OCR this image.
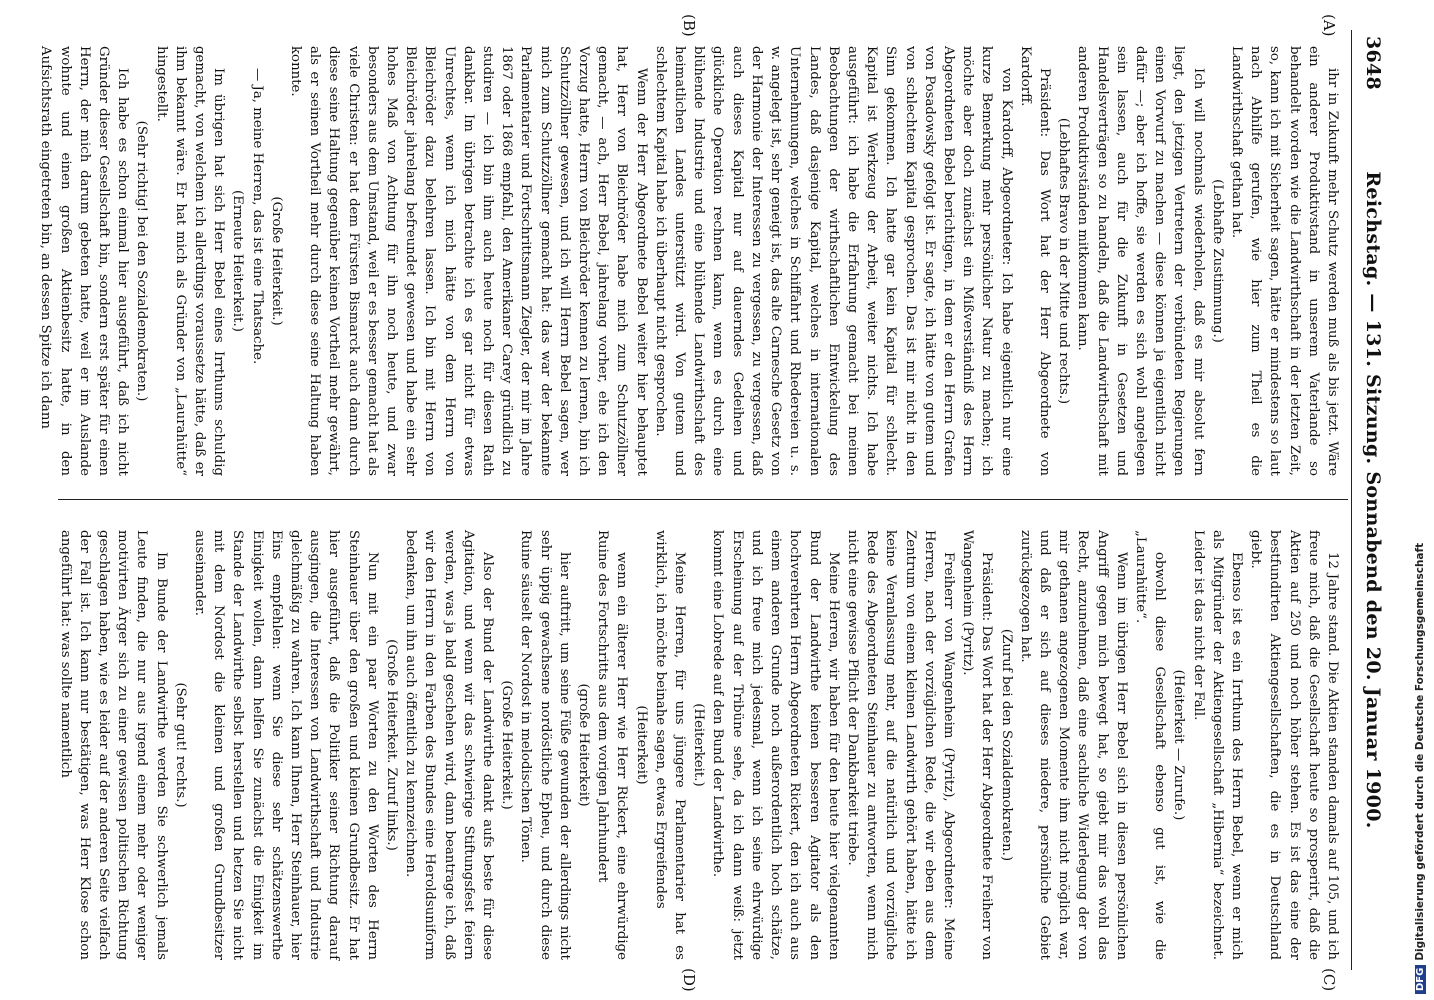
3648
Reichstag. — 131. Sitzung. Sonnabend den 20. Januar 1900.
(A)
(B)
(C)
(D)

ihr in Zukunft mehr Schutz werden muß als bis jetzt. Wäre ein anderer Produktivstand in unserem Vaterlande so behandelt worden wie die Landwirthschaft in der letzten Zeit, so, kann ich mit Sicherheit sagen, hätte er mindestens so laut nach Abhilfe gerufen, wie hier zum Theil es die Landwirthschaft gethan hat.

(Lebhafte Zustimmung.)

Ich will nochmals wiederholen, daß es mir absolut fern liegt, den jetzigen Vertretern der verbündeten Regierungen einen Vorwurf zu machen — diese können ja eigentlich nicht dafür —; aber ich hoffe, sie werden es sich wohl angelegen sein lassen, auch für die Zukunft in Gesetzen und Handelsverträgen so zu handeln, daß die Landwirthschaft mit anderen Produktivständen mitkommen kann.

(Lebhaftes Bravo in der Mitte und rechts.)

Präsident: Das Wort hat der Herr Abgeordnete von Kardorff.

von Kardorff, Abgeordneter: Ich habe eigentlich nur eine kurze Bemerkung mehr persönlicher Natur zu machen; ich möchte aber doch zunächst ein Mißverständniß des Herrn Abgeordneten Bebel berichtigen, in dem er den Herrn Grafen von Posadowsky gefolgt ist. Er sagte, ich hätte von gutem und von schlechtem Kapital gesprochen. Das ist mir nicht in den Sinn gekommen. Ich hatte gar kein Kapital für schlecht. Kapital ist Werkzeug der Arbeit, weiter nichts. Ich habe ausgeführt: ich habe die Erfahrung gemacht bei meinen Beobachtungen der wirthschaftlichen Entwickelung des Landes, daß dasjenige Kapital, welches in internationalen Unternehmungen, welches in Schiffahrt und Rhedereien u. s. w. angelegt ist, sehr geneigt ist, das alte Carnesche Gesetz von der Harmonie der Interessen zu vergessen, zu vergessen, daß auch dieses Kapital nur auf dauerndes Gedeihen und glückliche Operation rechnen kann, wenn es durch eine blühende Industrie und eine blühende Landwirthschaft des heimatlichen Landes unterstützt wird. Von gutem und schlechtem Kapital habe ich überhaupt nicht gesprochen.

Wenn der Herr Abgeordnete Bebel weiter hier behauptet hat, Herr von Bleichröder habe mich zum Schutzzöllner gemacht, — ach, Herr Bebel, jahrelang vorher, ehe ich den Vorzug hatte, Herrn von Bleichröder kennen zu lernen, bin ich Schutzzöllner gewesen, und ich will Herrn Bebel sagen, wer mich zum Schutzzöllner gemacht hat: das war der bekannte Parlamentarier und Fortschrittsmann Ziegler, der mir im Jahre 1867 oder 1868 empfahl, den Amerikaner Carey gründlich zu studiren — ich bin ihm auch heute noch für diesen Rath dankbar. Im übrigen betrachte ich es gar nicht für etwas Unrechtes, wenn ich mich hätte von dem Herrn von Bleichröder dazu belehren lassen. Ich bin mit Herrn von Bleichröder jahrelang befreundet gewesen und habe ein sehr hohes Maß von Achtung für ihn noch heute, und zwar besonders aus dem Umstand, weil er es besser gemacht hat als viele Christen: er hat dem Fürsten Bismarck auch dann durch diese seine Haltung gegenüber keinen Vortheil mehr gewährt, als er seinen Vortheil mehr durch diese seine Haltung haben konnte.

(Große Heiterkeit.)

— Ja, meine Herren, das ist eine Thatsache.

(Erneute Heiterkeit.)

Im übrigen hat sich Herr Bebel eines Irrthums schuldig gemacht, von welchem ich allerdings voraussetze hätte, daß er ihm bekannt wäre. Er hat mich als Gründer von „Laurahütte“ hingestellt.

(Sehr richtig! bei den Sozialdemokraten.)

Ich habe es schon einmal hier ausgeführt, daß ich nicht Gründer dieser Gesellschaft bin, sondern erst später für einen Herrn, der mich darum gebeten hatte, weil er im Auslande wohnte und einen großen Aktienbesitz hatte, in den Aufsichtsrath eingetreten bin, an dessen Spitze ich dann

12 Jahre stand. Die Aktien standen damals auf 105, und ich freue mich, daß die Gesellschaft heute so prosperirt, daß die Aktien auf 250 und noch höher stehen. Es ist das eine der bestfundirten Aktiengesellschaften, die es in Deutschland giebt.

Ebenso ist es ein Irrthum des Herrn Bebel, wenn er mich als Mitgründer der Aktiengesellschaft „Hibernia“ bezeichnet. Leider ist das nicht der Fall.

(Heiterkeit — Zurufe.)

obwohl diese Gesellschaft ebenso gut ist, wie die „Laurahütte“.

Wenn im übrigen Herr Bebel sich in diesen persönlichen Angriff gegen mich bewegt hat, so giebt mir das wohl das Recht, anzunehmen, daß eine sachliche Widerlegung der von mir gethanen angezogenen Momente ihm nicht möglich war, und daß er sich auf dieses niedere, persönliche Gebiet zurückgezogen hat.

(Zuruf bei den Sozialdemokraten.)

Präsident: Das Wort hat der Herr Abgeordnete Freiherr von Wangenheim (Pyritz).

Freiherr von Wangenheim (Pyritz), Abgeordneter: Meine Herren, nach der vorzüglichen Rede, die wir eben aus dem Zentrum von einem kleinen Landwirth gehört haben, hätte ich keine Veranlassung mehr, auf die natürlich und vorzügliche Rede des Abgeordneten Steinhauer zu antworten, wenn mich nicht eine gewisse Pflicht der Dankbarkeit triebe.

Meine Herren, wir haben für den heute hier vielgenannten Bund der Landwirthe keinen besseren Agitator als den hochverehrten Herrn Abgeordneten Rickert, den ich auch aus einem anderen Grunde noch außerordentlich hoch schätze, und ich freue mich jedesmal, wenn ich seine ehrwürdige Erscheinung auf der Tribüne sehe, da ich dann weiß: jetzt kommt eine Lobrede auf den Bund der Landwirthe.

(Heiterkeit.)

Meine Herren, für uns jüngere Parlamentarier hat es wirklich, ich möchte beinahe sagen, etwas Ergreifendes

(Heiterkeit)

wenn ein älterer Herr wie Herr Rickert, eine ehrwürdige Ruine des Fortschritts aus dem vorigen Jahrhundert

(große Heiterkeit)

hier auftritt, um seine Füße gewunden der allerdings nicht sehr üppig gewachsene nordöstliche Epheu, und durch diese Ruine säuselt der Nordost in melodischen Tönen.

(Große Heiterkeit.)

Also der Bund der Landwirthe dankt aufs beste für diese Agitation, und wenn wir das schwierige Stiftungsfest feiern werden, was ja bald geschehen wird, dann beantrage ich, daß wir den Herrn in den Farben des Bundes eine Heroldsuniform bedenken, um ihn auch öffentlich zu kennzeichnen.

(Große Heiterkeit. Zuruf links.)

Nun mit ein paar Worten zu den Worten des Herrn Steinhauer über den großen und kleinen Grundbesitz. Er hat hier ausgeführt, daß die Politiker seiner Richtung darauf ausgingen, die Interessen von Landwirthschaft und Industrie gleichmäßig zu wahren. Ich kann Ihnen, Herr Steinhauer, hier Eins empfehlen: wenn Sie diese sehr schätzenswerthe Einigkeit wollen, dann helfen Sie zunächst die Einigkeit im Stande der Landwirthe selbst herstellen und hetzen Sie nicht mit dem Nordost die kleinen und großen Grundbesitzer auseinander.

(Sehr gut! rechts.)

Im Bunde der Landwirthe werden Sie schwerlich jemals Leute finden, die nur aus irgend einem mehr oder weniger motivirten Ärger sich zu einer gewissen politischen Richtung geschlagen haben, wie es leider auf der anderen Seite vielfach der Fall ist. Ich kann nur bestätigen, was Herr Klose schon angeführt hat: was sollte namentlich

DFGDigitalisierung gefördert durch die Deutsche Forschungsgemeinschaft
